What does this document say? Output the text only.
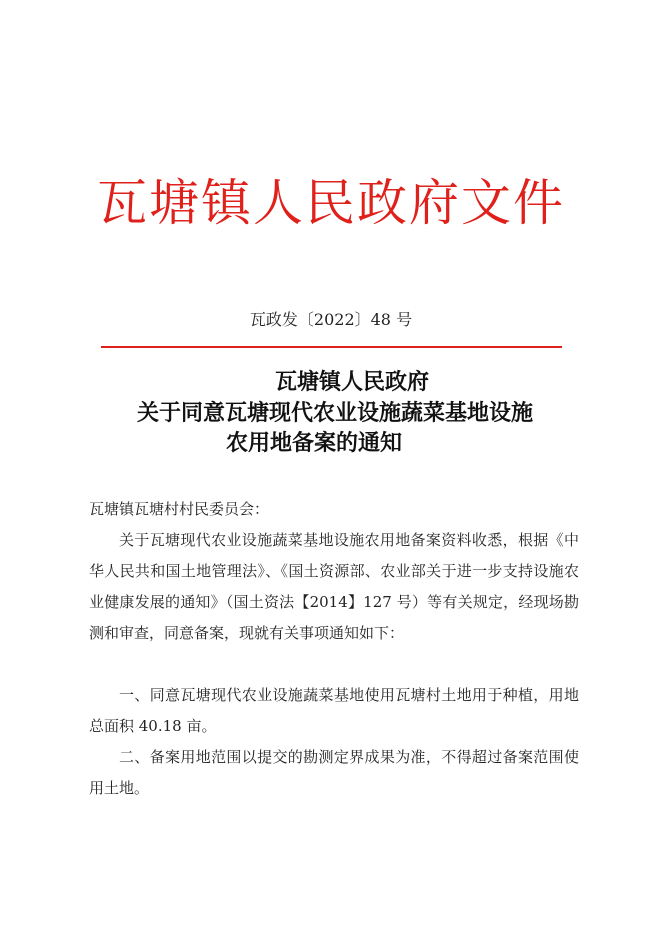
瓦塘镇人民政府文件
瓦政发〔2022〕48 号
瓦塘镇人民政府
关于同意瓦塘现代农业设施蔬菜基地设施
农用地备案的通知
瓦塘镇瓦塘村村民委员会：
关于瓦塘现代农业设施蔬菜基地设施农用地备案资料收悉，根据《中华人民共和国土地管理法》、《国土资源部、农业部关于进一步支持设施农业健康发展的通知》（国土资法【2014】127 号）等有关规定，经现场勘测和审查，同意备案，现就有关事项通知如下：
一、同意瓦塘现代农业设施蔬菜基地使用瓦塘村土地用于种植，用地总面积 40.18 亩。
二、备案用地范围以提交的勘测定界成果为准，不得超过备案范围使用土地。
